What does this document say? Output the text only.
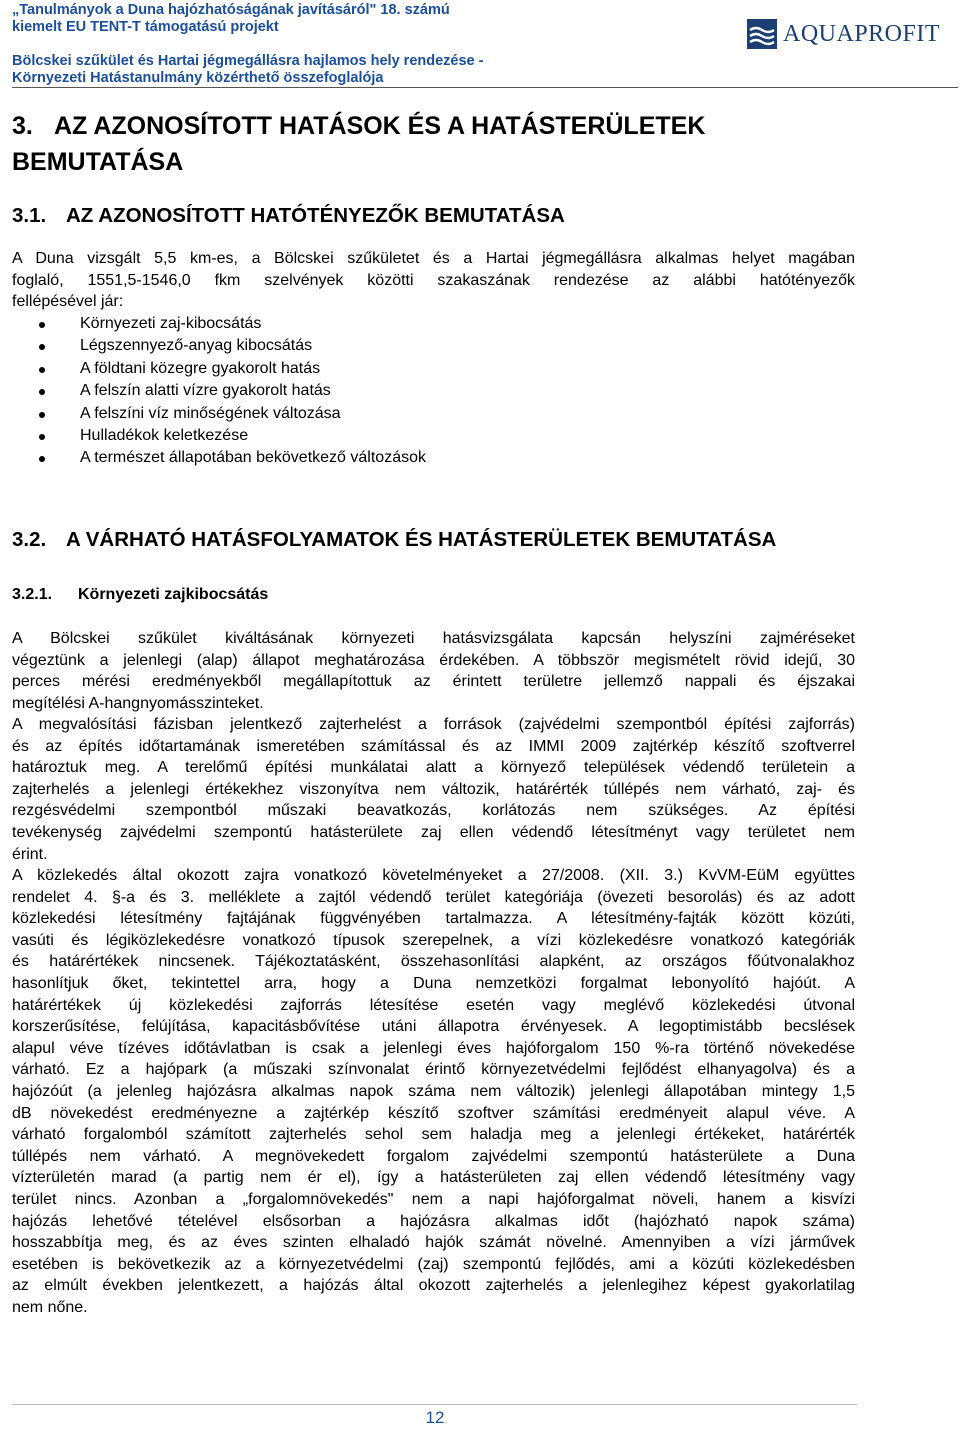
„Tanulmányok a Duna hajózhatóságának javításáról" 18. számú
kiemelt EU TENT-T támogatású projekt
Bölcskei szűkület és Hartai jégmegállásra hajlamos hely rendezése -
Környezeti Hatástanulmány közérthető összefoglalója
AQUAPROFIT
3. AZ AZONOSÍTOTT HATÁSOK ÉS A HATÁSTERÜLETEK
BEMUTATÁSA
3.1. AZ AZONOSÍTOTT HATÓTÉNYEZŐK BEMUTATÁSA
A Duna vizsgált 5,5 km-es, a Bölcskei szűkületet és a Hartai jégmegállásra alkalmas helyet magában
foglaló, 1551,5-1546,0 fkm szelvények közötti szakaszának rendezése az alábbi hatótényezők
fellépésével jár:
Környezeti zaj-kibocsátás
Légszennyező-anyag kibocsátás
A földtani közegre gyakorolt hatás
A felszín alatti vízre gyakorolt hatás
A felszíni víz minőségének változása
Hulladékok keletkezése
A természet állapotában bekövetkező változások
3.2. A VÁRHATÓ HATÁSFOLYAMATOK ÉS HATÁSTERÜLETEK BEMUTATÁSA
3.2.1. Környezeti zajkibocsátás
A Bölcskei szűkület kiváltásának környezeti hatásvizsgálata kapcsán helyszíni zajméréseket
végeztünk a jelenlegi (alap) állapot meghatározása érdekében. A többször megismételt rövid idejű, 30
perces mérési eredményekből megállapítottuk az érintett területre jellemző nappali és éjszakai
megítélési A-hangnyomásszinteket.
A megvalósítási fázisban jelentkező zajterhelést a források (zajvédelmi szempontból építési zajforrás)
és az építés időtartamának ismeretében számítással és az IMMI 2009 zajtérkép készítő szoftverrel
határoztuk meg. A terelőmű építési munkálatai alatt a környező települések védendő területein a
zajterhelés a jelenlegi értékekhez viszonyítva nem változik, határérték túllépés nem várható, zaj- és
rezgésvédelmi szempontból műszaki beavatkozás, korlátozás nem szükséges. Az építési
tevékenység zajvédelmi szempontú hatásterülete zaj ellen védendő létesítményt vagy területet nem
érint.
A közlekedés által okozott zajra vonatkozó követelményeket a 27/2008. (XII. 3.) KvVM-EüM együttes
rendelet 4. §-a és 3. melléklete a zajtól védendő terület kategóriája (övezeti besorolás) és az adott
közlekedési létesítmény fajtájának függvényében tartalmazza. A létesítmény-fajták között közúti,
vasúti és légiközlekedésre vonatkozó típusok szerepelnek, a vízi közlekedésre vonatkozó kategóriák
és határértékek nincsenek. Tájékoztatásként, összehasonlítási alapként, az országos főútvonalakhoz
hasonlítjuk őket, tekintettel arra, hogy a Duna nemzetközi forgalmat lebonyolító hajóút. A
határértékek új közlekedési zajforrás létesítése esetén vagy meglévő közlekedési útvonal
korszerűsítése, felújítása, kapacitásbővítése utáni állapotra érvényesek. A legoptimistább becslések
alapul véve tízéves időtávlatban is csak a jelenlegi éves hajóforgalom 150 %-ra történő növekedése
várható. Ez a hajópark (a műszaki színvonalat érintő környezetvédelmi fejlődést elhanyagolva) és a
hajózóút (a jelenleg hajózásra alkalmas napok száma nem változik) jelenlegi állapotában mintegy 1,5
dB növekedést eredményezne a zajtérkép készítő szoftver számítási eredményeit alapul véve. A
várható forgalomból számított zajterhelés sehol sem haladja meg a jelenlegi értékeket, határérték
túllépés nem várható. A megnövekedett forgalom zajvédelmi szempontú hatásterülete a Duna
vízterületén marad (a partig nem ér el), így a hatásterületen zaj ellen védendő létesítmény vagy
terület nincs. Azonban a „forgalomnövekedés" nem a napi hajóforgalmat növeli, hanem a kisvízi
hajózás lehetővé tételével elsősorban a hajózásra alkalmas időt (hajózható napok száma)
hosszabbítja meg, és az éves szinten elhaladó hajók számát növelné. Amennyiben a vízi járművek
esetében is bekövetkezik az a környezetvédelmi (zaj) szempontú fejlődés, ami a közúti közlekedésben
az elmúlt években jelentkezett, a hajózás által okozott zajterhelés a jelenlegihez képest gyakorlatilag
nem nőne.
12
